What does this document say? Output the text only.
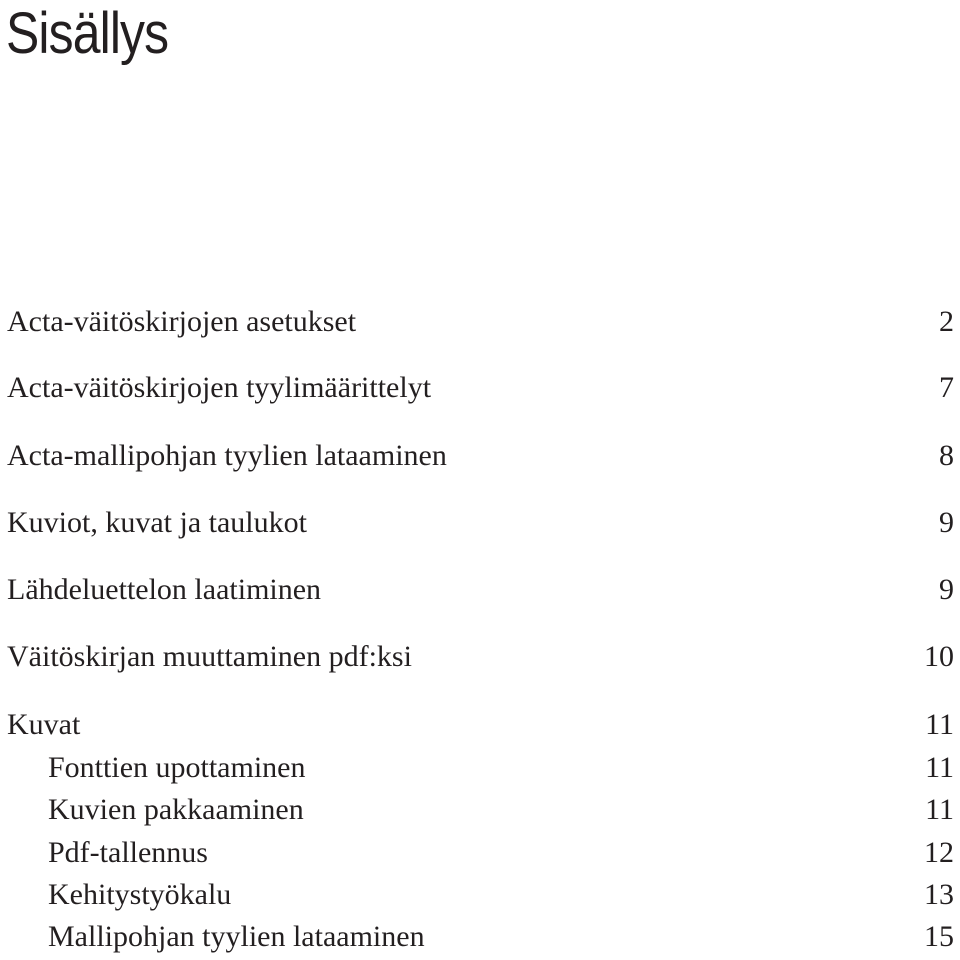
Sisällys
Acta-väitöskirjojen asetukset	2
Acta-väitöskirjojen tyylimäärittelyt	7
Acta-mallipohjan tyylien lataaminen	8
Kuviot, kuvat ja taulukot	9
Lähdeluettelon laatiminen	9
Väitöskirjan muuttaminen pdf:ksi	10
Kuvat	11
Fonttien upottaminen	11
Kuvien pakkaaminen	11
Pdf-tallennus	12
Kehitystyökalu	13
Mallipohjan tyylien lataaminen	15
